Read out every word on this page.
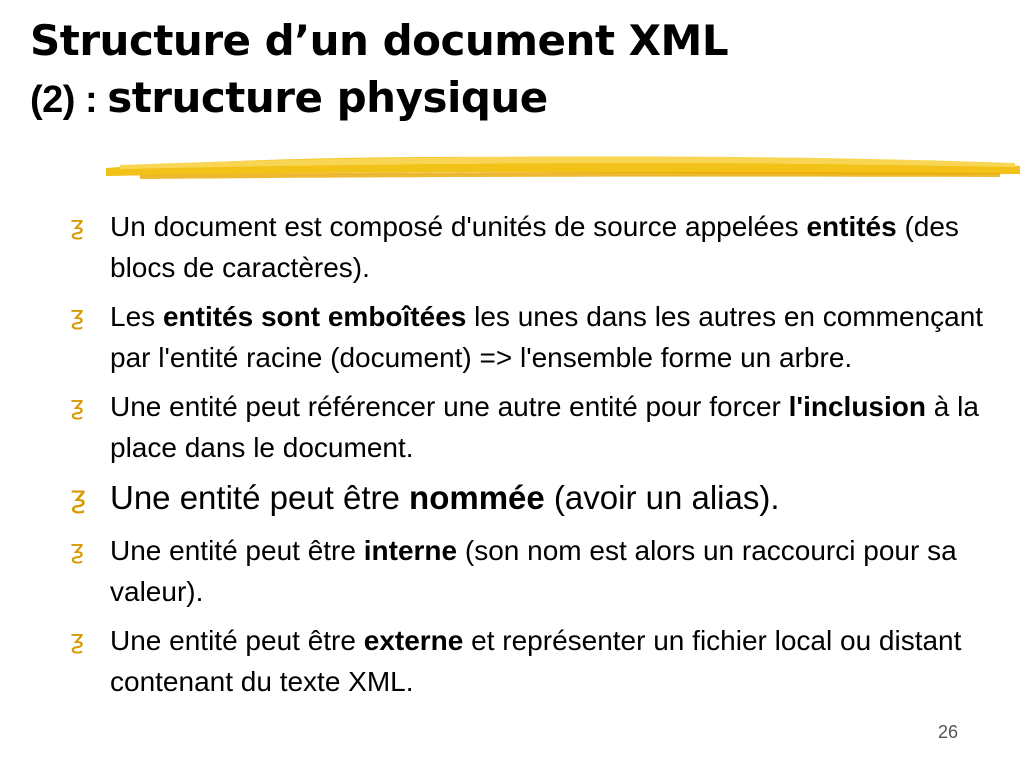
Structure d’un document XML
(2) : structure physique
ƺ Un document est composé d'unités de source appelées entités (des blocs de caractères).
ƺ Les entités sont emboîtées les unes dans les autres en commençant par l'entité racine (document) => l'ensemble forme un arbre.
ƺ Une entité peut référencer une autre entité pour forcer l'inclusion à la place dans le document.
ƺ Une entité peut être nommée (avoir un alias).
ƺ Une entité peut être interne (son nom est alors un raccourci pour sa valeur).
ƺ Une entité peut être externe et représenter un fichier local ou distant contenant du texte XML.
26
